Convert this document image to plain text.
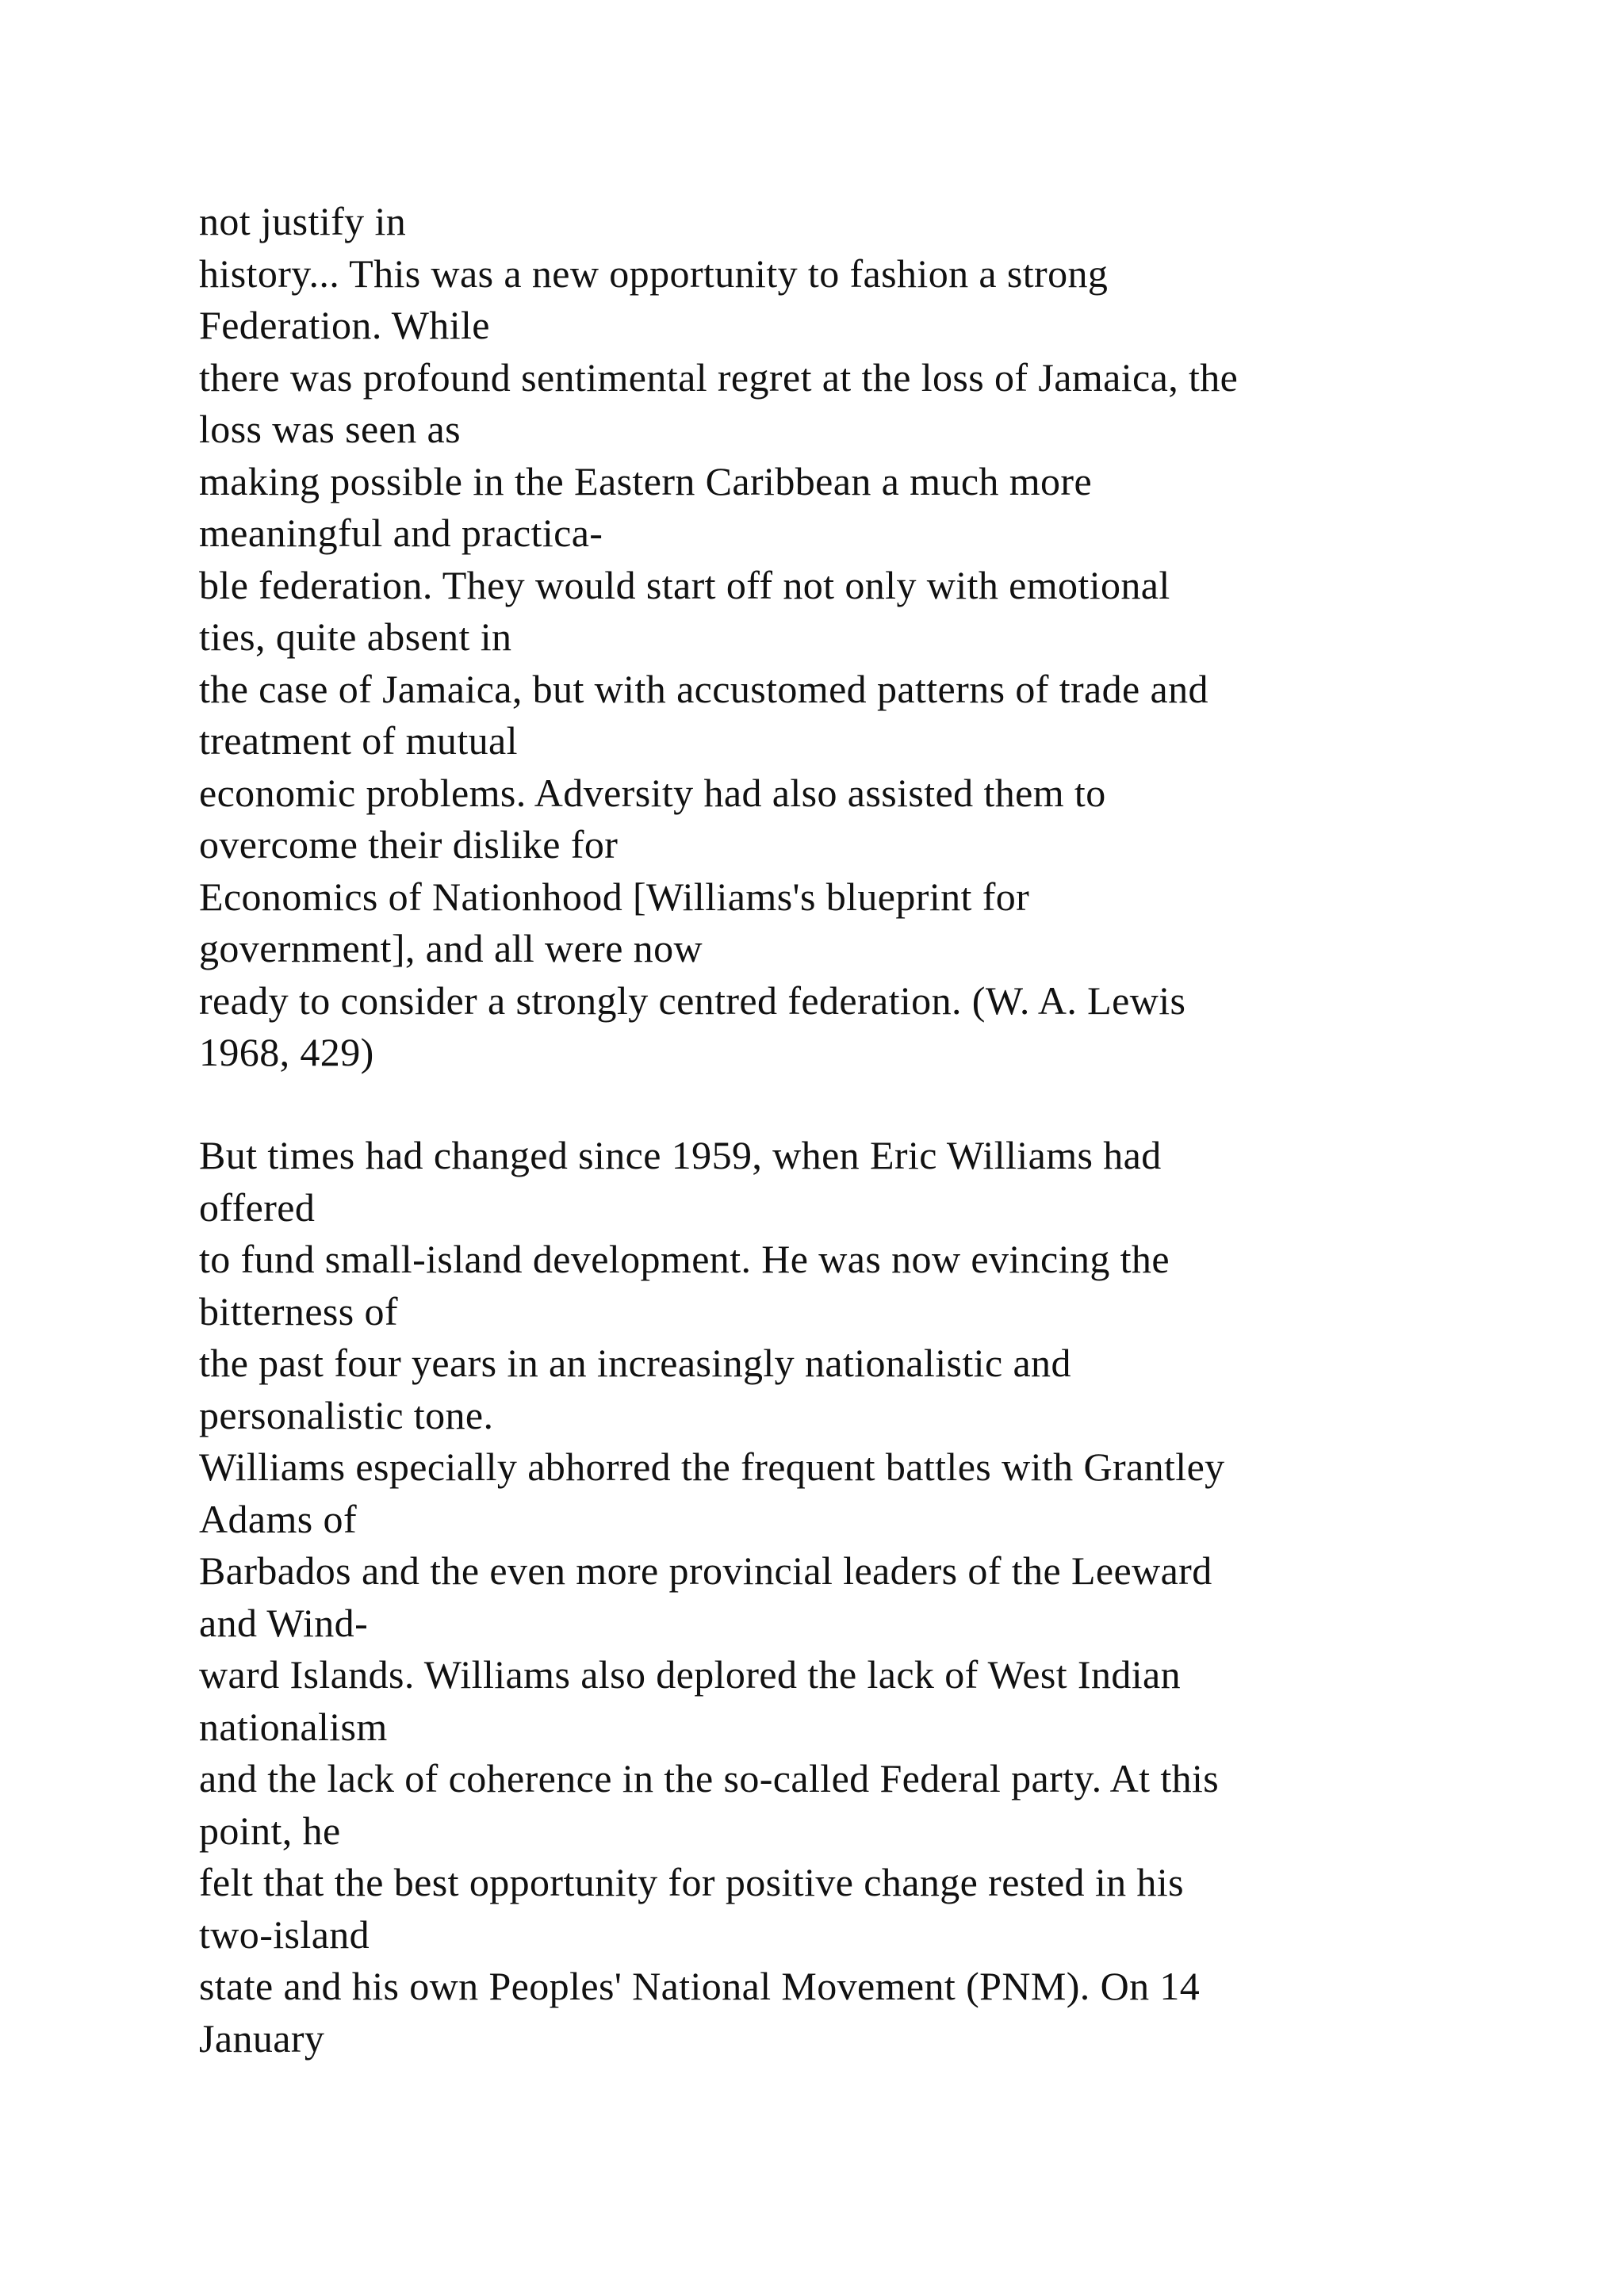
not justify in
history... This was a new opportunity to fashion a strong
Federation. While
there was profound sentimental regret at the loss of Jamaica, the
loss was seen as
making possible in the Eastern Caribbean a much more
meaningful and practica-
ble federation. They would start off not only with emotional
ties, quite absent in
the case of Jamaica, but with accustomed patterns of trade and
treatment of mutual
economic problems. Adversity had also assisted them to
overcome their dislike for
Economics of Nationhood [Williams's blueprint for
government], and all were now
ready to consider a strongly centred federation. (W. A. Lewis
1968, 429)
But times had changed since 1959, when Eric Williams had
offered
to fund small-island development. He was now evincing the
bitterness of
the past four years in an increasingly nationalistic and
personalistic tone.
Williams especially abhorred the frequent battles with Grantley
Adams of
Barbados and the even more provincial leaders of the Leeward
and Wind-
ward Islands. Williams also deplored the lack of West Indian
nationalism
and the lack of coherence in the so-called Federal party. At this
point, he
felt that the best opportunity for positive change rested in his
two-island
state and his own Peoples' National Movement (PNM). On 14
January
